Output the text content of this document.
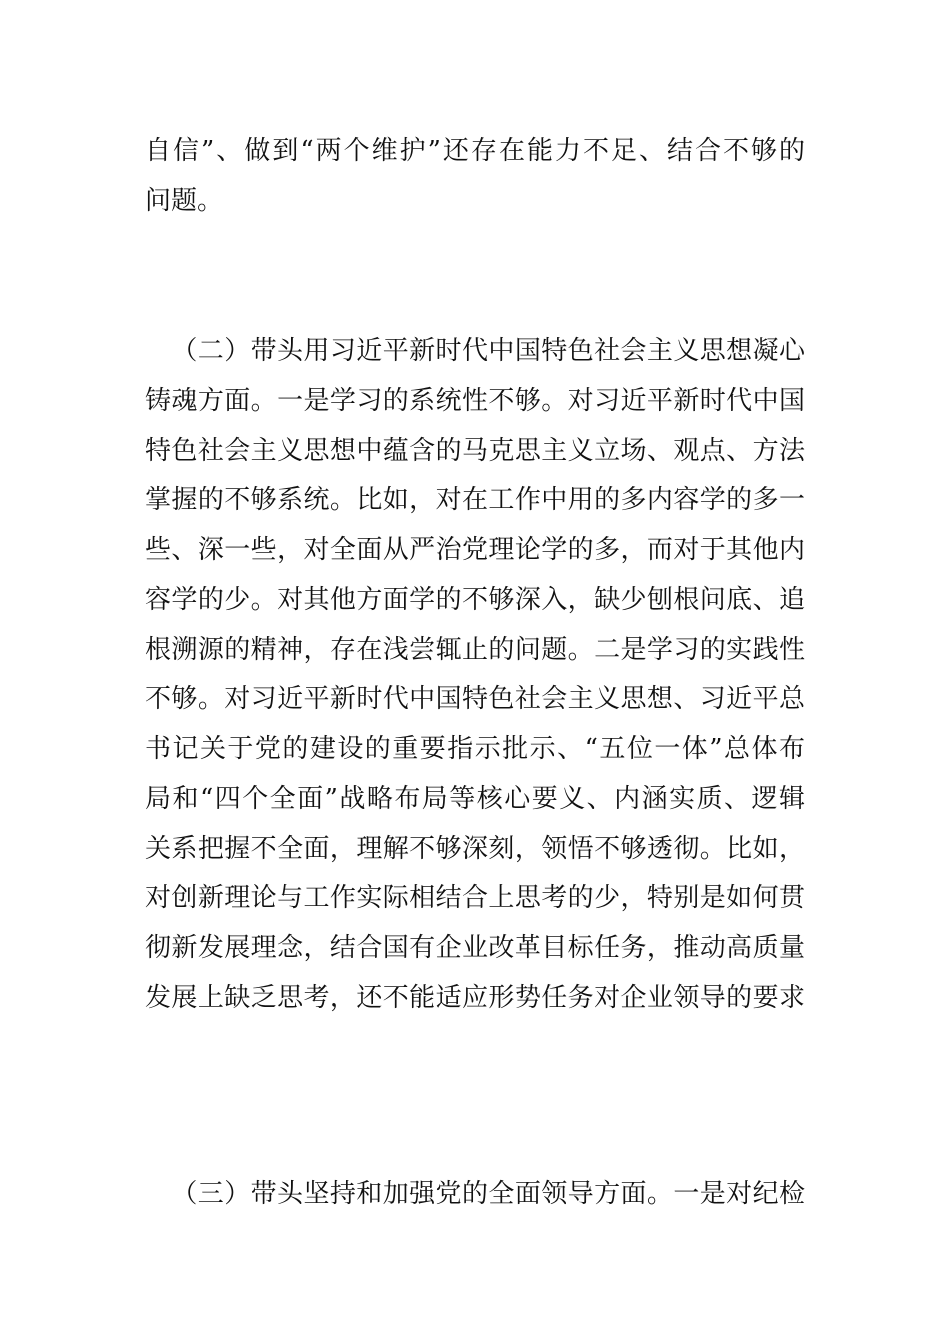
自信”、做到“两个维护”还存在能力不足、结合不够的
问题。
（二）带头用习近平新时代中国特色社会主义思想凝心
铸魂方面。一是学习的系统性不够。对习近平新时代中国
特色社会主义思想中蕴含的马克思主义立场、观点、方法
掌握的不够系统。比如，对在工作中用的多内容学的多一
些、深一些，对全面从严治党理论学的多，而对于其他内
容学的少。对其他方面学的不够深入，缺少刨根问底、追
根溯源的精神，存在浅尝辄止的问题。二是学习的实践性
不够。对习近平新时代中国特色社会主义思想、习近平总
书记关于党的建设的重要指示批示、“五位一体”总体布
局和“四个全面”战略布局等核心要义、内涵实质、逻辑
关系把握不全面，理解不够深刻，领悟不够透彻。比如，
对创新理论与工作实际相结合上思考的少，特别是如何贯
彻新发展理念，结合国有企业改革目标任务，推动高质量
发展上缺乏思考，还不能适应形势任务对企业领导的要求
（三）带头坚持和加强党的全面领导方面。一是对纪检
